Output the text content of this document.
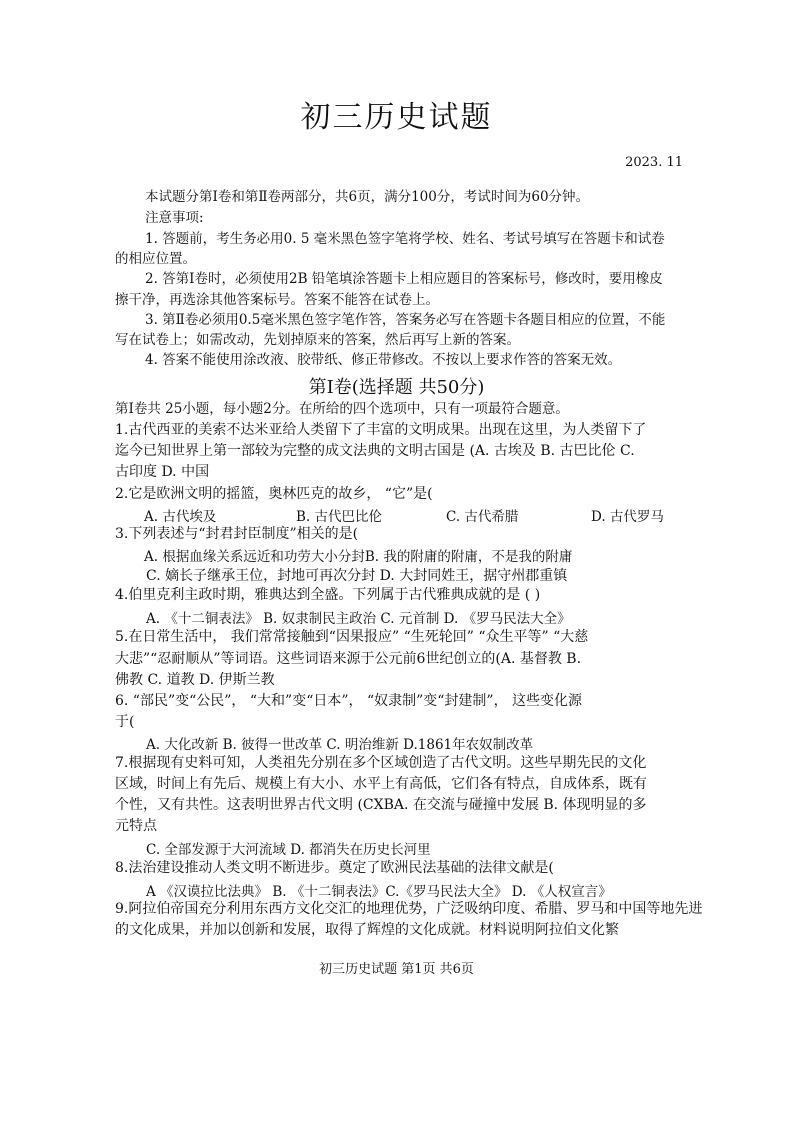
初三历史试题
2023. 11
本试题分第Ⅰ卷和第Ⅱ卷两部分，共6页，满分100分，考试时间为60分钟。
注意事项:
1. 答题前，考生务必用0. 5 毫米黑色签字笔将学校、姓名、考试号填写在答题卡和试卷
的相应位置。
2. 答第Ⅰ卷时，必须使用2B 铅笔填涂答题卡上相应题目的答案标号，修改时，要用橡皮
擦干净，再选涂其他答案标号。答案不能答在试卷上。
3. 第Ⅱ卷必须用0.5毫米黑色签字笔作答，答案务必写在答题卡各题目相应的位置，不能
写在试卷上；如需改动，先划掉原来的答案，然后再写上新的答案。
4. 答案不能使用涂改液、胶带纸、修正带修改。不按以上要求作答的答案无效。
第Ⅰ卷(选择题 共50分)
第Ⅰ卷共 25小题，每小题2分。在所给的四个选项中，只有一项最符合题意。
1.古代西亚的美索不达米亚给人类留下了丰富的文明成果。出现在这里，为人类留下了
迄今已知世界上第一部较为完整的成文法典的文明古国是 (A. 古埃及 B. 古巴比伦 C.
古印度 D. 中国
2.它是欧洲文明的摇篮，奥林匹克的故乡， “它”是(
A. 古代埃及	B. 古代巴比伦	C. 古代希腊	D. 古代罗马
3.下列表述与“封君封臣制度”相关的是(
A. 根据血缘关系远近和功劳大小分封B. 我的附庸的附庸，不是我的附庸
C. 嫡长子继承王位，封地可再次分封 D. 大封同姓王，据守州郡重镇
4.伯里克利主政时期，雅典达到全盛。下列属于古代雅典成就的是 ( )
A. 《十二铜表法》 B. 奴隶制民主政治 C. 元首制 D. 《罗马民法大全》
5.在日常生活中， 我们常常接触到“因果报应” “生死轮回” “众生平等” “大慈
大悲”“忍耐顺从”等词语。这些词语来源于公元前6世纪创立的(A. 基督教 B.
佛教 C. 道教 D. 伊斯兰教
6. “部民”变“公民”， “大和”变“日本”， “奴隶制”变“封建制”， 这些变化源
于(
A. 大化改新 B. 彼得一世改革 C. 明治维新 D.1861年农奴制改革
7.根据现有史料可知，人类祖先分别在多个区域创造了古代文明。这些早期先民的文化
区域，时间上有先后、规模上有大小、水平上有高低，它们各有特点，自成体系，既有
个性，又有共性。这表明世界古代文明 (CXBA. 在交流与碰撞中发展 B. 体现明显的多
元特点
C. 全部发源于大河流域 D. 都消失在历史长河里
8.法治建设推动人类文明不断进步。奠定了欧洲民法基础的法律文献是(
A 《汉谟拉比法典》 B. 《十二铜表法》C.《罗马民法大全》 D. 《人权宣言》
9.阿拉伯帝国充分利用东西方文化交汇的地理优势，广泛吸纳印度、希腊、罗马和中国等地先进
的文化成果，并加以创新和发展，取得了辉煌的文化成就。材料说明阿拉伯文化繁
初三历史试题 第1页 共6页
